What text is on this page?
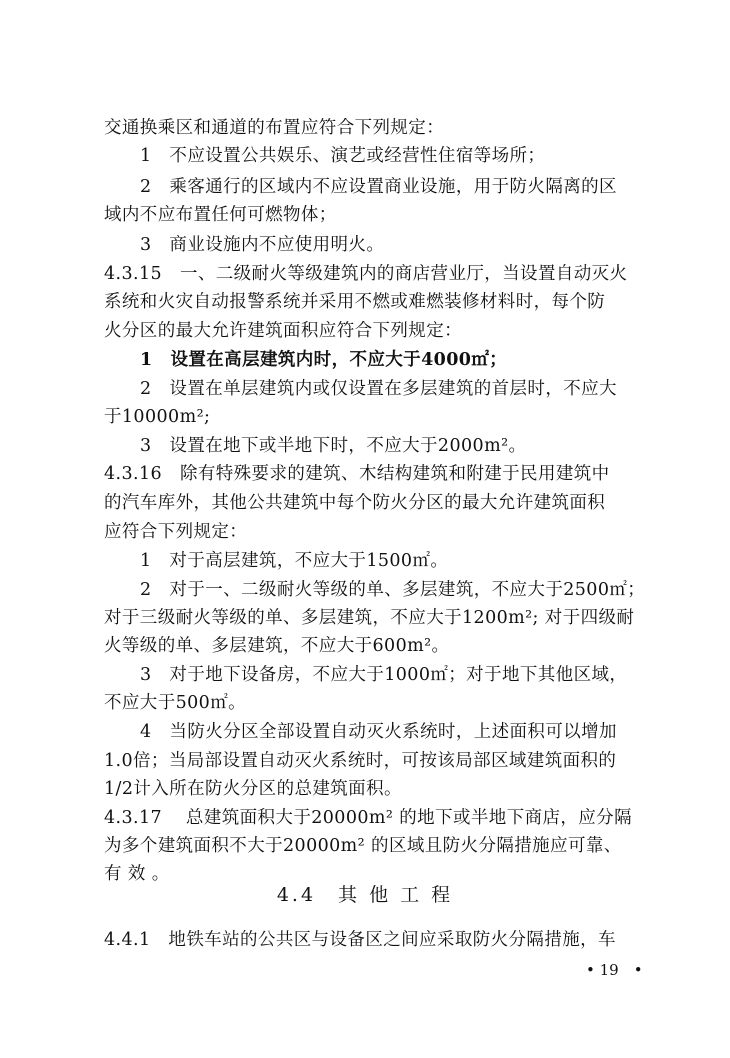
交通换乘区和通道的布置应符合下列规定：
1　不应设置公共娱乐、演艺或经营性住宿等场所；
2　乘客通行的区域内不应设置商业设施，用于防火隔离的区
域内不应布置任何可燃物体；
3　商业设施内不应使用明火。
4.3.15　一、二级耐火等级建筑内的商店营业厅，当设置自动灭火
系统和火灾自动报警系统并采用不燃或难燃装修材料时，每个防
火分区的最大允许建筑面积应符合下列规定：
1　设置在高层建筑内时，不应大于4000㎡；
2　设置在单层建筑内或仅设置在多层建筑的首层时，不应大
于10000m²;
3　设置在地下或半地下时，不应大于2000m²。
4.3.16　除有特殊要求的建筑、木结构建筑和附建于民用建筑中
的汽车库外，其他公共建筑中每个防火分区的最大允许建筑面积
应符合下列规定：
1　对于高层建筑，不应大于1500㎡。
2　对于一、二级耐火等级的单、多层建筑，不应大于2500㎡；
对于三级耐火等级的单、多层建筑，不应大于1200m²; 对于四级耐
火等级的单、多层建筑，不应大于600m²。
3　对于地下设备房，不应大于1000㎡；对于地下其他区域，
不应大于500㎡。
4　当防火分区全部设置自动灭火系统时，上述面积可以增加
1.0倍；当局部设置自动灭火系统时，可按该局部区域建筑面积的
1/2计入所在防火分区的总建筑面积。
4.3.17　 总建筑面积大于20000m² 的地下或半地下商店，应分隔
为多个建筑面积不大于20000m² 的区域且防火分隔措施应可靠、
有 效 。
4.4　其 他 工 程
4.4.1　地铁车站的公共区与设备区之间应采取防火分隔措施，车
• 19　•
